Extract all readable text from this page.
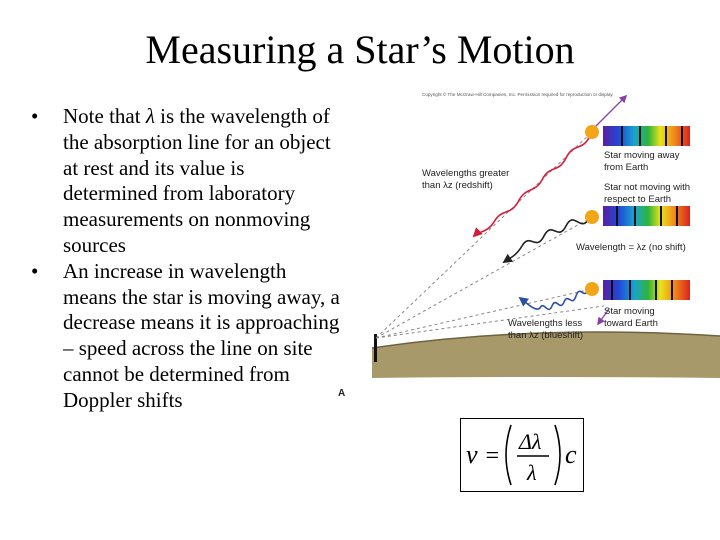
Measuring a Star’s Motion
• Note that λ is the wavelength of the absorption line for an object at rest and its value is determined from laboratory measurements on nonmoving sources
• An increase in wavelength means the star is moving away, a decrease means it is approaching – speed across the line on site cannot be determined from Doppler shifts
Copyright © The McGraw-Hill Companies, Inc. Permission required for reproduction or display.
Wavelengths greater than λz (redshift)
Star moving away from Earth
Star not moving with respect to Earth
Wavelength = λz (no shift)
Wavelengths less than λz (blueshift)
Star moving toward Earth
A
v =
Δλ
λ
c
